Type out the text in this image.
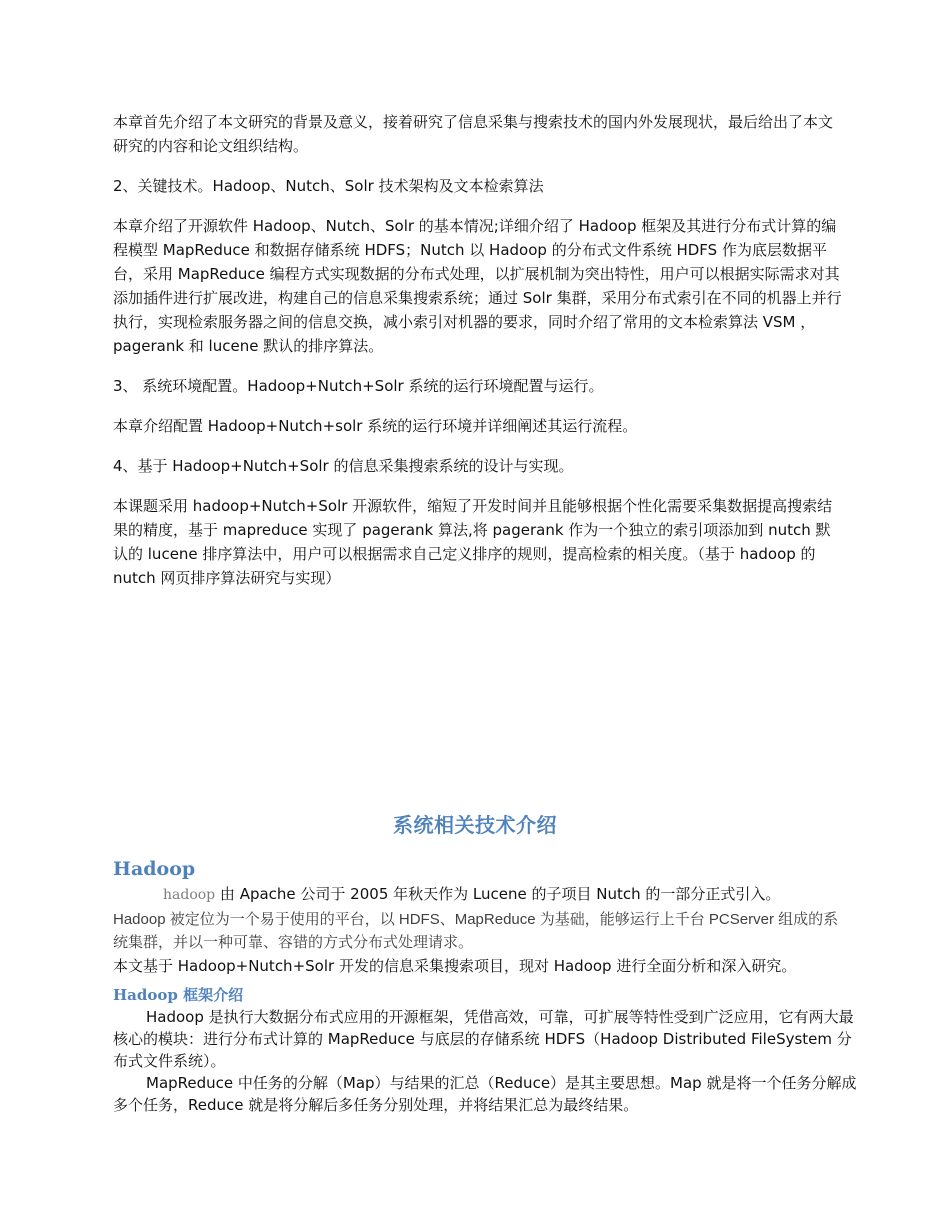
本章首先介绍了本文研究的背景及意义，接着研究了信息采集与搜索技术的国内外发展现状，最后给出了本文研究的内容和论文组织结构。

2、关键技术。Hadoop、Nutch、Solr 技术架构及文本检索算法

本章介绍了开源软件 Hadoop、Nutch、Solr 的基本情况;详细介绍了 Hadoop 框架及其进行分布式计算的编程模型 MapReduce 和数据存储系统 HDFS；Nutch 以 Hadoop 的分布式文件系统 HDFS 作为底层数据平台，采用 MapReduce 编程方式实现数据的分布式处理，以扩展机制为突出特性，用户可以根据实际需求对其添加插件进行扩展改进，构建自己的信息采集搜索系统；通过 Solr 集群，采用分布式索引在不同的机器上并行执行，实现检索服务器之间的信息交换，减小索引对机器的要求，同时介绍了常用的文本检索算法 VSM ，pagerank 和 lucene 默认的排序算法。

3、 系统环境配置。Hadoop+Nutch+Solr 系统的运行环境配置与运行。

本章介绍配置 Hadoop+Nutch+solr 系统的运行环境并详细阐述其运行流程。

4、基于 Hadoop+Nutch+Solr 的信息采集搜索系统的设计与实现。

本课题采用 hadoop+Nutch+Solr 开源软件，缩短了开发时间并且能够根据个性化需要采集数据提高搜索结果的精度，基于 mapreduce 实现了 pagerank 算法,将 pagerank 作为一个独立的索引项添加到 nutch 默认的 lucene 排序算法中，用户可以根据需求自己定义排序的规则，提高检索的相关度。（基于 hadoop 的 nutch 网页排序算法研究与实现）

系统相关技术介绍
Hadoop

hadoop 由 Apache 公司于 2005 年秋天作为 Lucene 的子项目 Nutch 的一部分正式引入。

Hadoop 被定位为一个易于使用的平台，以 HDFS、MapReduce 为基础，能够运行上千台 PCServer 组成的系统集群，并以一种可靠、容错的方式分布式处理请求。

本文基于 Hadoop+Nutch+Solr 开发的信息采集搜索项目，现对 Hadoop 进行全面分析和深入研究。

Hadoop 框架介绍

Hadoop 是执行大数据分布式应用的开源框架，凭借高效，可靠，可扩展等特性受到广泛应用，它有两大最核心的模块：进行分布式计算的 MapReduce 与底层的存储系统 HDFS（Hadoop Distributed FileSystem 分布式文件系统）。

MapReduce 中任务的分解（Map）与结果的汇总（Reduce）是其主要思想。Map 就是将一个任务分解成多个任务，Reduce 就是将分解后多任务分别处理，并将结果汇总为最终结果。
